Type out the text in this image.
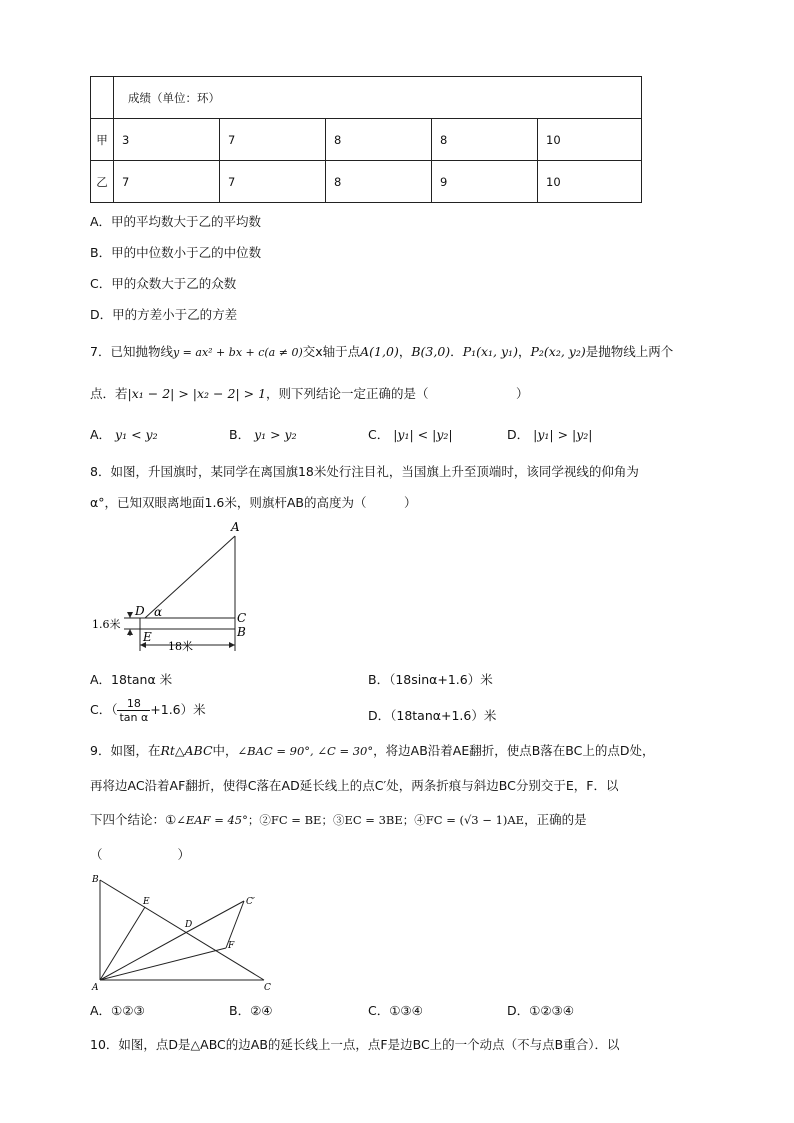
	成绩（单位：环）				
甲	3	7	8	8	10
乙	7	7	8	9	10
A．甲的平均数大于乙的平均数
B．甲的中位数小于乙的中位数
C．甲的众数大于乙的众数
D．甲的方差小于乙的方差
7．已知抛物线y = ax² + bx + c(a ≠ 0)交x轴于点A(1,0)，B(3,0)．P₁(x₁, y₁)，P₂(x₂, y₂)是抛物线上两个
点．若|x₁ − 2| > |x₂ − 2| > 1，则下列结论一定正确的是（　　　　　　　）
A． y₁ < y₂	B． y₁ > y₂	C． |y₁| < |y₂|	D． |y₁| > |y₂|
8．如图，升国旗时，某同学在离国旗18米处行注目礼，当国旗上升至顶端时，该同学视线的仰角为
α°，已知双眼离地面1.6米，则旗杆AB的高度为（　　　）
A
C
B
D
E
α
1.6米
18米
A．18tanα 米	B．（18sinα+1.6）米
C．（ $\frac{18}{\text{tan α}} +1.6$）米	D．（18tanα+1.6）米
9．如图，在Rt△ABC中，∠BAC = 90°, ∠C = 30°，将边AB沿着AE翻折，使点B落在BC上的点D处，
再将边AC沿着AF翻折，使得C落在AD延长线上的点C′处，两条折痕与斜边BC分别交于E，F．以
下四个结论：①∠EAF = 45°；②FC = BE；③EC = 3BE；④FC = (√3 − 1)AE，正确的是
（　　　　　　）
B
A	C
C′
E
D
F
A．①②③	B．②④	C．①③④	D．①②③④
10．如图，点D是△ABC的边AB的延长线上一点，点F是边BC上的一个动点（不与点B重合）．以
